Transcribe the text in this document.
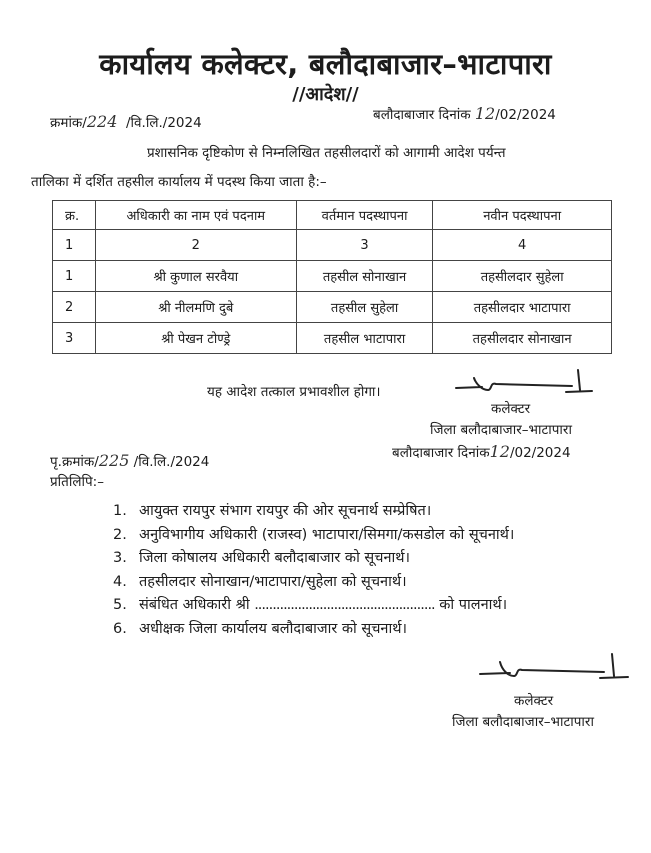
कार्यालय कलेक्टर, बलौदाबाजार–भाटापारा
//आदेश//
क्रमांक/224 /वि.लि./2024	बलौदाबाजार दिनांक 12/02/2024
प्रशासनिक दृष्टिकोण से निम्नलिखित तहसीलदारों को आगामी आदेश पर्यन्त
तालिका में दर्शित तहसील कार्यालय में पदस्थ किया जाता है:–
क्र.	अधिकारी का नाम एवं पदनाम	वर्तमान पदस्थापना	नवीन पदस्थापना
1	2	3	4
1	श्री कुणाल सरवैया	तहसील सोनाखान	तहसीलदार सुहेला
2	श्री नीलमणि दुबे	तहसील सुहेला	तहसीलदार भाटापारा
3	श्री पेखन टोण्ड्रे	तहसील भाटापारा	तहसीलदार सोनाखान
यह आदेश तत्काल प्रभावशील होगा।
कलेक्टर
जिला बलौदाबाजार–भाटापारा
पृ.क्रमांक/225 /वि.लि./2024
बलौदाबाजार दिनांक12/02/2024
प्रतिलिपि:–
1. आयुक्त रायपुर संभाग रायपुर की ओर सूचनार्थ सम्प्रेषित।
2. अनुविभागीय अधिकारी (राजस्व) भाटापारा/सिमगा/कसडोल को सूचनार्थ।
3. जिला कोषालय अधिकारी बलौदाबाजार को सूचनार्थ।
4. तहसीलदार सोनाखान/भाटापारा/सुहेला को सूचनार्थ।
5. संबंधित अधिकारी श्री .................................................. को पालनार्थ।
6. अधीक्षक जिला कार्यालय बलौदाबाजार को सूचनार्थ।
कलेक्टर
जिला बलौदाबाजार–भाटापारा
